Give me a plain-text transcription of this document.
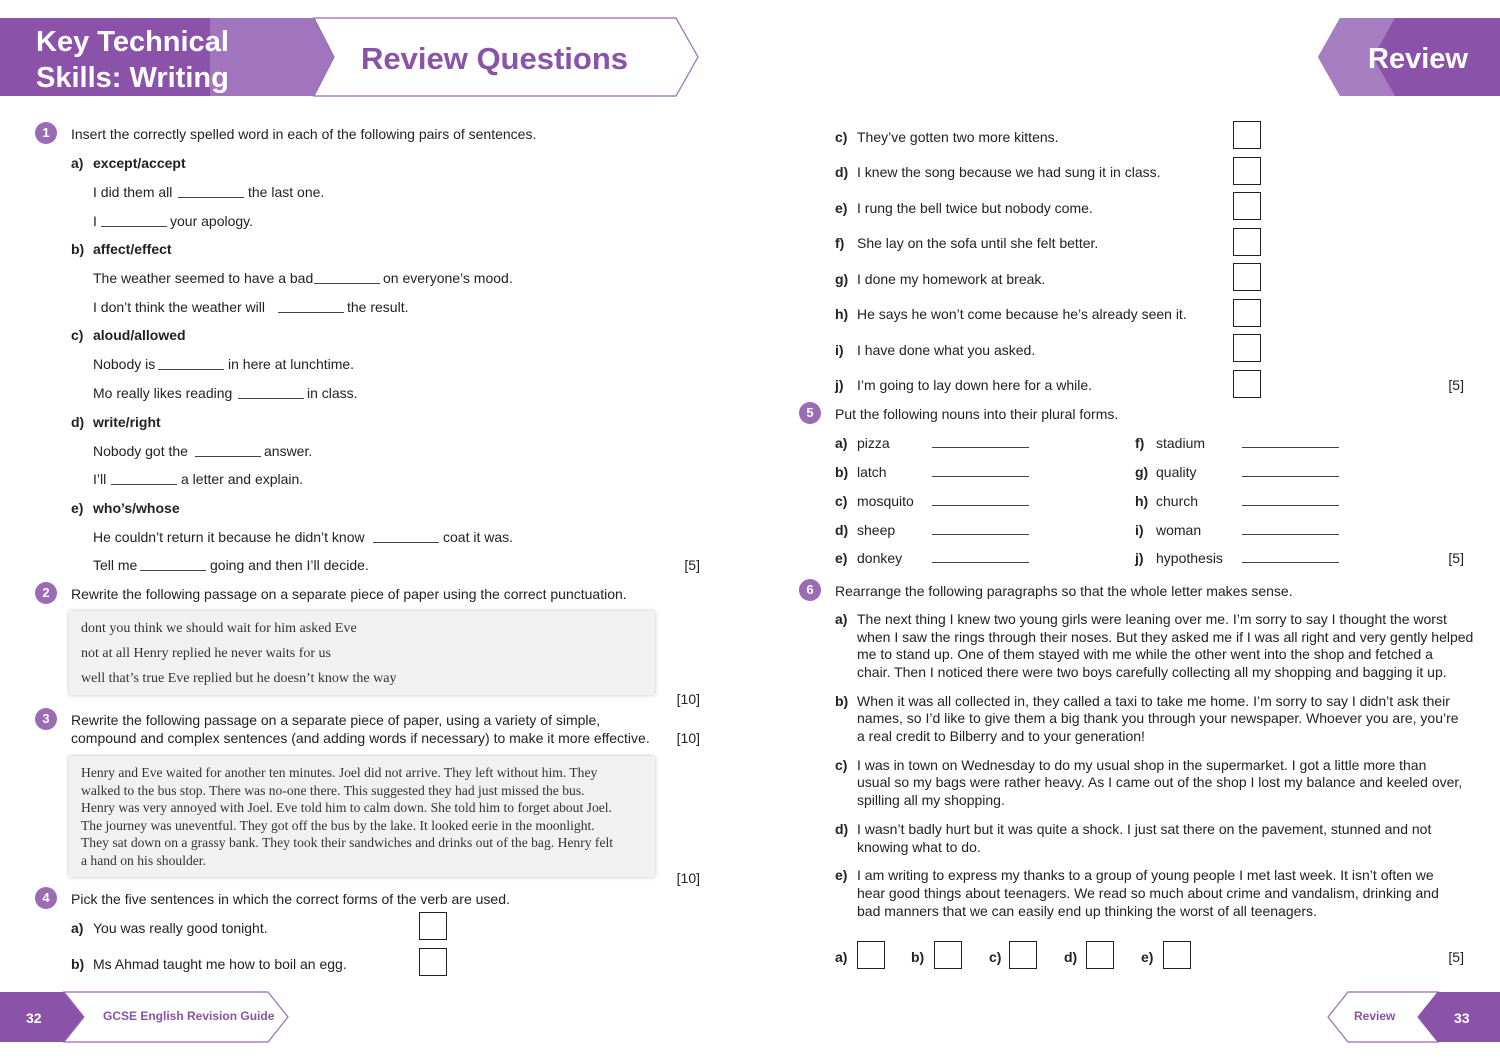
Key Technical
Skills: Writing
Review Questions	Review
32	GCSE English Revision Guide	Review	33
1	Insert the correctly spelled word in each of the following pairs of sentences.
a) except/accept
I did them all	the last one.
I	your apology.
b) affect/effect
The weather seemed to have a bad	on everyone’s mood.
I don’t think the weather will	the result.
c) aloud/allowed
Nobody is	in here at lunchtime.
Mo really likes reading	in class.
d) write/right
Nobody got the	answer.
I’ll	a letter and explain.
e) who’s/whose
He couldn’t return it because he didn’t know	coat it was.
Tell me	going and then I’ll decide.	[5]
2	Rewrite the following passage on a separate piece of paper using the correct punctuation.
dont you think we should wait for him asked Eve
not at all Henry replied he never waits for us
well that’s true Eve replied but he doesn’t know the way
[10]
3	Rewrite the following passage on a separate piece of paper, using a variety of simple,
compound and complex sentences (and adding words if necessary) to make it more effective.	[10]
Henry and Eve waited for another ten minutes. Joel did not arrive. They left without him. They
walked to the bus stop. There was no-one there. This suggested they had just missed the bus.
Henry was very annoyed with Joel. Eve told him to calm down. She told him to forget about Joel.
The journey was uneventful. They got off the bus by the lake. It looked eerie in the moonlight.
They sat down on a grassy bank. They took their sandwiches and drinks out of the bag. Henry felt
a hand on his shoulder.
[10]
4	Pick the five sentences in which the correct forms of the verb are used.
a) You was really good tonight.
b) Ms Ahmad taught me how to boil an egg.
c) They’ve gotten two more kittens.
d) I knew the song because we had sung it in class.
e) I rung the bell twice but nobody come.
f) She lay on the sofa until she felt better.
g) I done my homework at break.
h) He says he won’t come because he’s already seen it.
i) I have done what you asked.
j) I’m going to lay down here for a while.	[5]
5	Put the following nouns into their plural forms.
a) pizza
b) latch
c) mosquito
d) sheep
e) donkey
f) stadium
g) quality
h) church
i) woman
j) hypothesis	[5]
6	Rearrange the following paragraphs so that the whole letter makes sense.
a) The next thing I knew two young girls were leaning over me. I’m sorry to say I thought the worst
when I saw the rings through their noses. But they asked me if I was all right and very gently helped
me to stand up. One of them stayed with me while the other went into the shop and fetched a
chair. Then I noticed there were two boys carefully collecting all my shopping and bagging it up.
b) When it was all collected in, they called a taxi to take me home. I’m sorry to say I didn’t ask their
names, so I’d like to give them a big thank you through your newspaper. Whoever you are, you’re
a real credit to Bilberry and to your generation!
c) I was in town on Wednesday to do my usual shop in the supermarket. I got a little more than
usual so my bags were rather heavy. As I came out of the shop I lost my balance and keeled over,
spilling all my shopping.
d) I wasn’t badly hurt but it was quite a shock. I just sat there on the pavement, stunned and not
knowing what to do.
e) I am writing to express my thanks to a group of young people I met last week. It isn’t often we
hear good things about teenagers. We read so much about crime and vandalism, drinking and
bad manners that we can easily end up thinking the worst of all teenagers.
a)	b)	c)	d)	e)	[5]
